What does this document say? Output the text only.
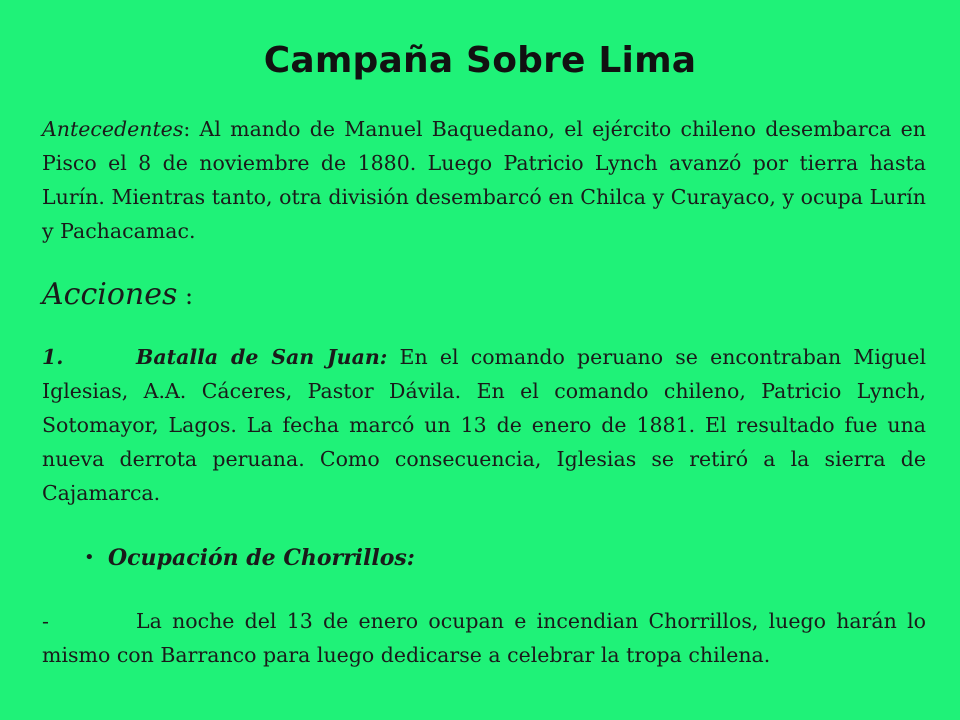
Campaña Sobre Lima

Antecedentes: Al mando de Manuel Baquedano, el ejército chileno desembarca en Pisco el 8 de noviembre de 1880. Luego Patricio Lynch avanzó por tierra hasta Lurín. Mientras tanto, otra división desembarcó en Chilca y Curayaco, y ocupa Lurín y Pachacamac.

Acciones :

1.	Batalla de San Juan: En el comando peruano se encontraban Miguel Iglesias, A.A. Cáceres, Pastor Dávila. En el comando chileno, Patricio Lynch, Sotomayor, Lagos. La fecha marcó un 13 de enero de 1881. El resultado fue una nueva derrota peruana. Como consecuencia, Iglesias se retiró a la sierra de Cajamarca.

• Ocupación de Chorrillos:

-	La noche del 13 de enero ocupan e incendian Chorrillos, luego harán lo mismo con Barranco para luego dedicarse a celebrar la tropa chilena.
